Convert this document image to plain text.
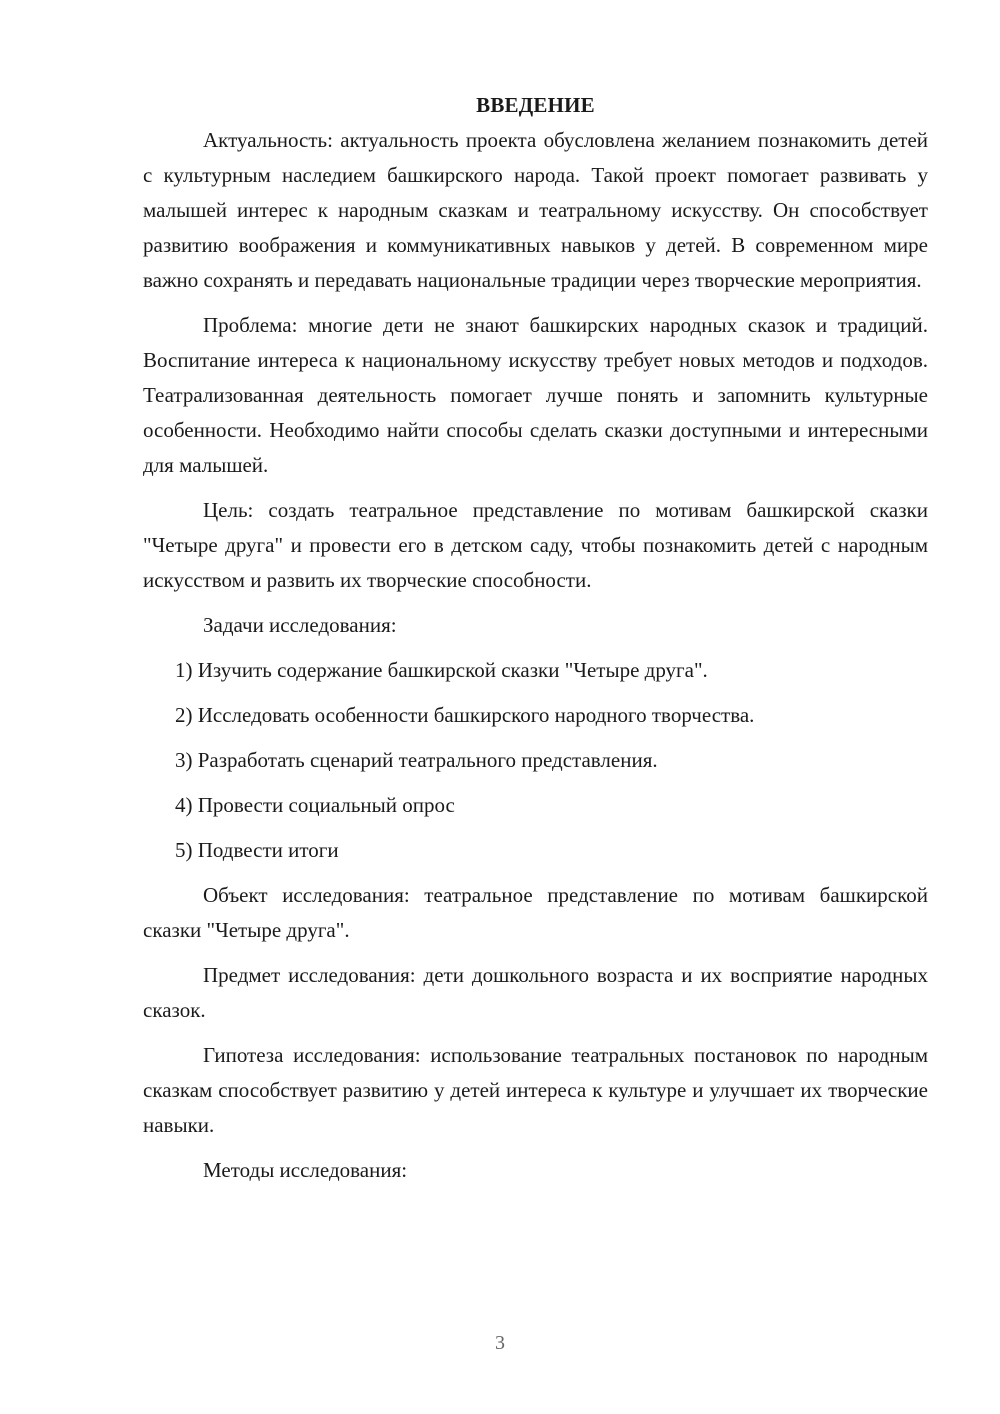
ВВЕДЕНИЕ

Актуальность: актуальность проекта обусловлена желанием познакомить детей с культурным наследием башкирского народа. Такой проект помогает развивать у малышей интерес к народным сказкам и театральному искусству. Он способствует развитию воображения и коммуникативных навыков у детей. В современном мире важно сохранять и передавать национальные традиции через творческие мероприятия.

Проблема: многие дети не знают башкирских народных сказок и традиций. Воспитание интереса к национальному искусству требует новых методов и подходов. Театрализованная деятельность помогает лучше понять и запомнить культурные особенности. Необходимо найти способы сделать сказки доступными и интересными для малышей.

Цель: создать театральное представление по мотивам башкирской сказки "Четыре друга" и провести его в детском саду, чтобы познакомить детей с народным искусством и развить их творческие способности.

Задачи исследования:

1) Изучить содержание башкирской сказки "Четыре друга".
2) Исследовать особенности башкирского народного творчества.
3) Разработать сценарий театрального представления.
4) Провести социальный опрос
5) Подвести итоги

Объект исследования: театральное представление по мотивам башкирской сказки "Четыре друга".

Предмет исследования: дети дошкольного возраста и их восприятие народных сказок.

Гипотеза исследования: использование театральных постановок по народным сказкам способствует развитию у детей интереса к культуре и улучшает их творческие навыки.

Методы исследования:

3
